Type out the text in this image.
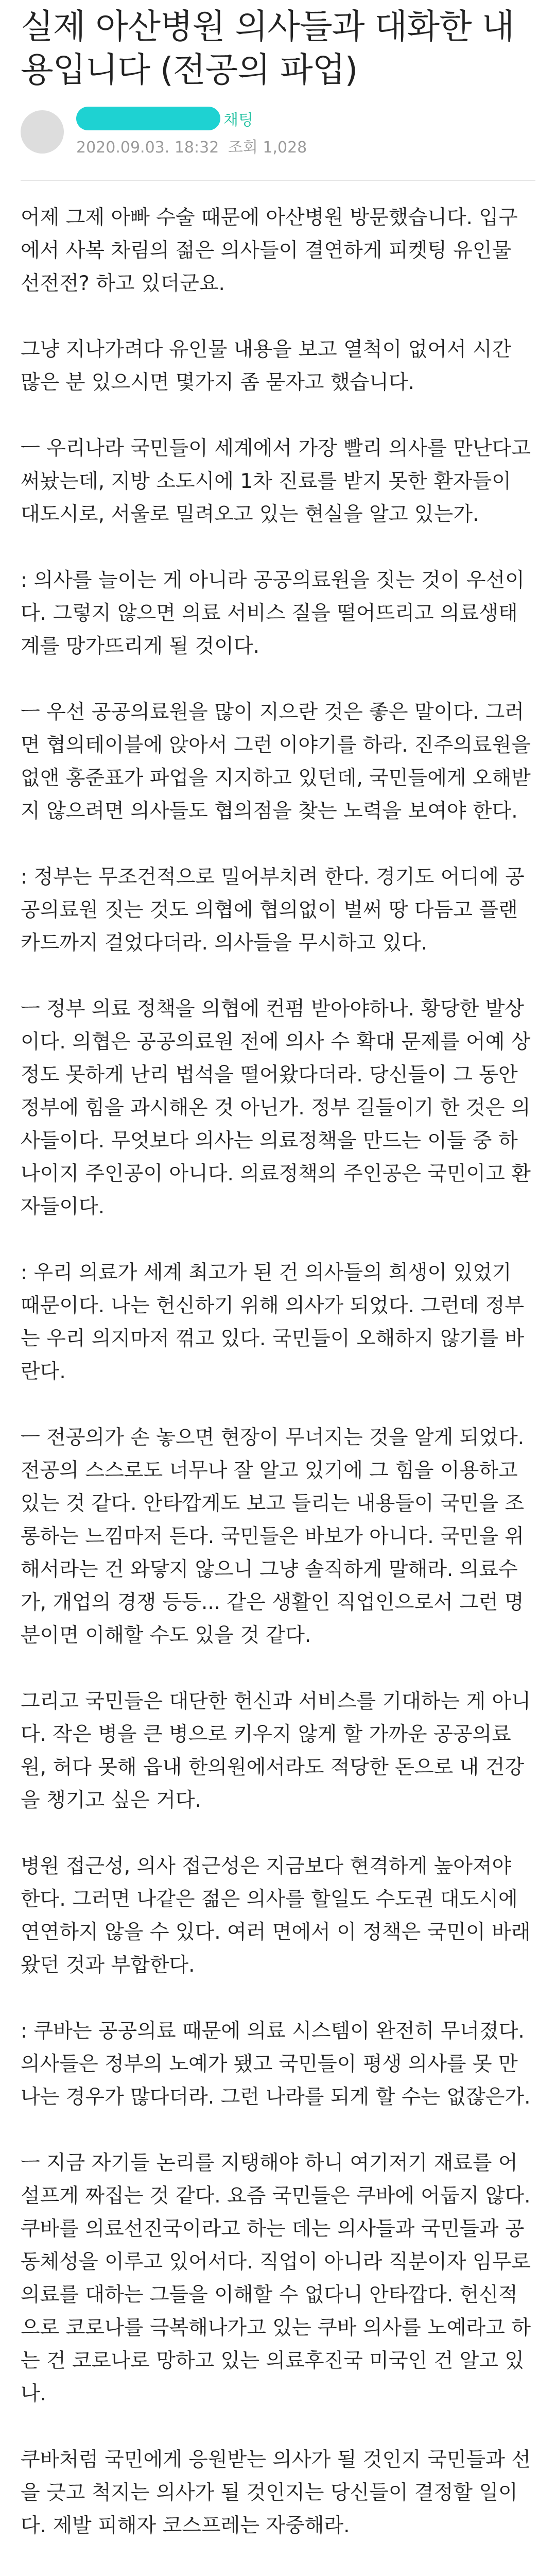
실제 아산병원 의사들과 대화한 내용입니다 (전공의 파업)
채팅
2020.09.03. 18:32 조회 1,028

어제 그제 아빠 수술 때문에 아산병원 방문했습니다. 입구에서 사복 차림의 젊은 의사들이 결연하게 피켓팅 유인물 선전전? 하고 있더군요.

그냥 지나가려다 유인물 내용을 보고 열척이 없어서 시간 많은 분 있으시면 몇가지 좀 묻자고 했습니다.

ㅡ 우리나라 국민들이 세계에서 가장 빨리 의사를 만난다고 써놨는데, 지방 소도시에 1차 진료를 받지 못한 환자들이 대도시로, 서울로 밀려오고 있는 현실을 알고 있는가.

: 의사를 늘이는 게 아니라 공공의료원을 짓는 것이 우선이다. 그렇지 않으면 의료 서비스 질을 떨어뜨리고 의료생태계를 망가뜨리게 될 것이다.

ㅡ 우선 공공의료원을 많이 지으란 것은 좋은 말이다. 그러면 협의테이블에 앉아서 그런 이야기를 하라. 진주의료원을 없앤 홍준표가 파업을 지지하고 있던데, 국민들에게 오해받지 않으려면 의사들도 협의점을 찾는 노력을 보여야 한다.

: 정부는 무조건적으로 밀어부치려 한다. 경기도 어디에 공공의료원 짓는 것도 의협에 협의없이 벌써 땅 다듬고 플랜카드까지 걸었다더라. 의사들을 무시하고 있다.

ㅡ 정부 의료 정책을 의협에 컨펌 받아야하나. 황당한 발상이다. 의협은 공공의료원 전에 의사 수 확대 문제를 어예 상정도 못하게 난리 법석을 떨어왔다더라. 당신들이 그 동안 정부에 힘을 과시해온 것 아닌가. 정부 길들이기 한 것은 의사들이다. 무엇보다 의사는 의료정책을 만드는 이들 중 하나이지 주인공이 아니다. 의료정책의 주인공은 국민이고 환자들이다.

: 우리 의료가 세계 최고가 된 건 의사들의 희생이 있었기 때문이다. 나는 헌신하기 위해 의사가 되었다. 그런데 정부는 우리 의지마저 꺾고 있다. 국민들이 오해하지 않기를 바란다.

ㅡ 전공의가 손 놓으면 현장이 무너지는 것을 알게 되었다. 전공의 스스로도 너무나 잘 알고 있기에 그 힘을 이용하고 있는 것 같다. 안타깝게도 보고 들리는 내용들이 국민을 조롱하는 느낌마저 든다. 국민들은 바보가 아니다. 국민을 위해서라는 건 와닿지 않으니 그냥 솔직하게 말해라. 의료수가, 개업의 경쟁 등등... 같은 생활인 직업인으로서 그런 명분이면 이해할 수도 있을 것 같다.

그리고 국민들은 대단한 헌신과 서비스를 기대하는 게 아니다. 작은 병을 큰 병으로 키우지 않게 할 가까운 공공의료원, 허다 못해 읍내 한의원에서라도 적당한 돈으로 내 건강을 챙기고 싶은 거다.

병원 접근성, 의사 접근성은 지금보다 현격하게 높아져야 한다. 그러면 나같은 젊은 의사를 할일도 수도권 대도시에 연연하지 않을 수 있다. 여러 면에서 이 정책은 국민이 바래왔던 것과 부합한다.

: 쿠바는 공공의료 때문에 의료 시스템이 완전히 무너졌다. 의사들은 정부의 노예가 됐고 국민들이 평생 의사를 못 만나는 경우가 많다더라. 그런 나라를 되게 할 수는 없잖은가.

ㅡ 지금 자기들 논리를 지탱해야 하니 여기저기 재료를 어설프게 짜집는 것 같다. 요즘 국민들은 쿠바에 어둡지 않다. 쿠바를 의료선진국이라고 하는 데는 의사들과 국민들과 공동체성을 이루고 있어서다. 직업이 아니라 직분이자 임무로 의료를 대하는 그들을 이해할 수 없다니 안타깝다. 헌신적으로 코로나를 극복해나가고 있는 쿠바 의사를 노예라고 하는 건 코로나로 망하고 있는 의료후진국 미국인 건 알고 있나.

쿠바처럼 국민에게 응원받는 의사가 될 것인지 국민들과 선을 긋고 척지는 의사가 될 것인지는 당신들이 결정할 일이다. 제발 피해자 코스프레는 자중해라.
